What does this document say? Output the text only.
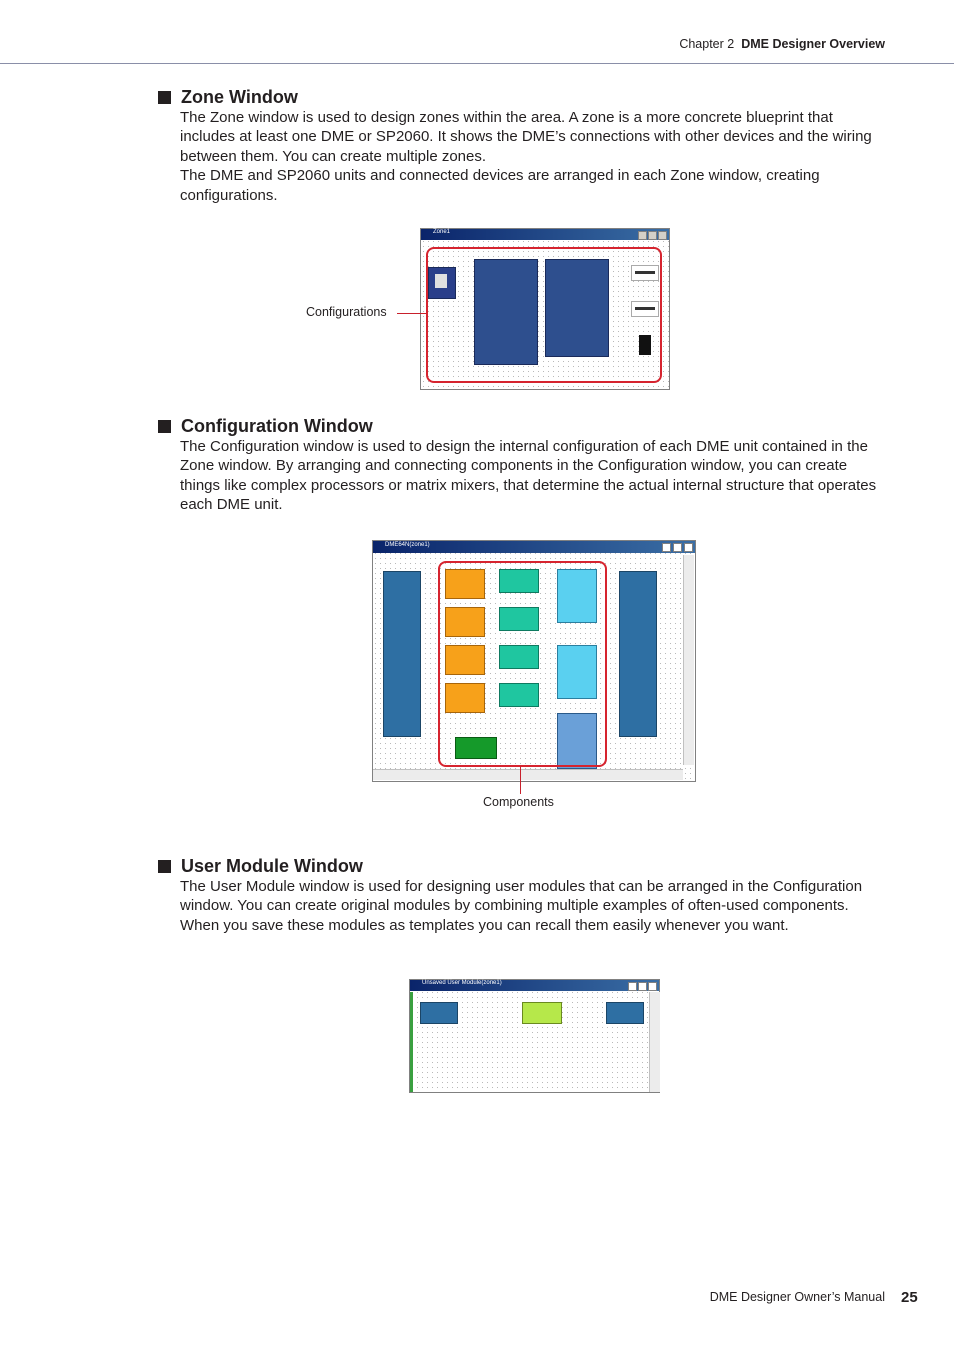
Chapter 2 DME Designer Overview
Zone Window

The Zone window is used to design zones within the area. A zone is a more concrete blueprint that includes at least one DME or SP2060. It shows the DME’s connections with other devices and the wiring between them. You can create multiple zones.

The DME and SP2060 units and connected devices are arranged in each Zone window, creating configurations.

Zone1
Configurations
Configuration Window

The Configuration window is used to design the internal configuration of each DME unit contained in the Zone window. By arranging and connecting components in the Configuration window, you can create things like complex processors or matrix mixers, that determine the actual internal structure that operates each DME unit.

DME64N(zone1)
Components
User Module Window

The User Module window is used for designing user modules that can be arranged in the Configuration window. You can create original modules by combining multiple examples of often-used components. When you save these modules as templates you can recall them easily whenever you want.

Unsaved User Module(zone1)
DME Designer Owner’s Manual 25
